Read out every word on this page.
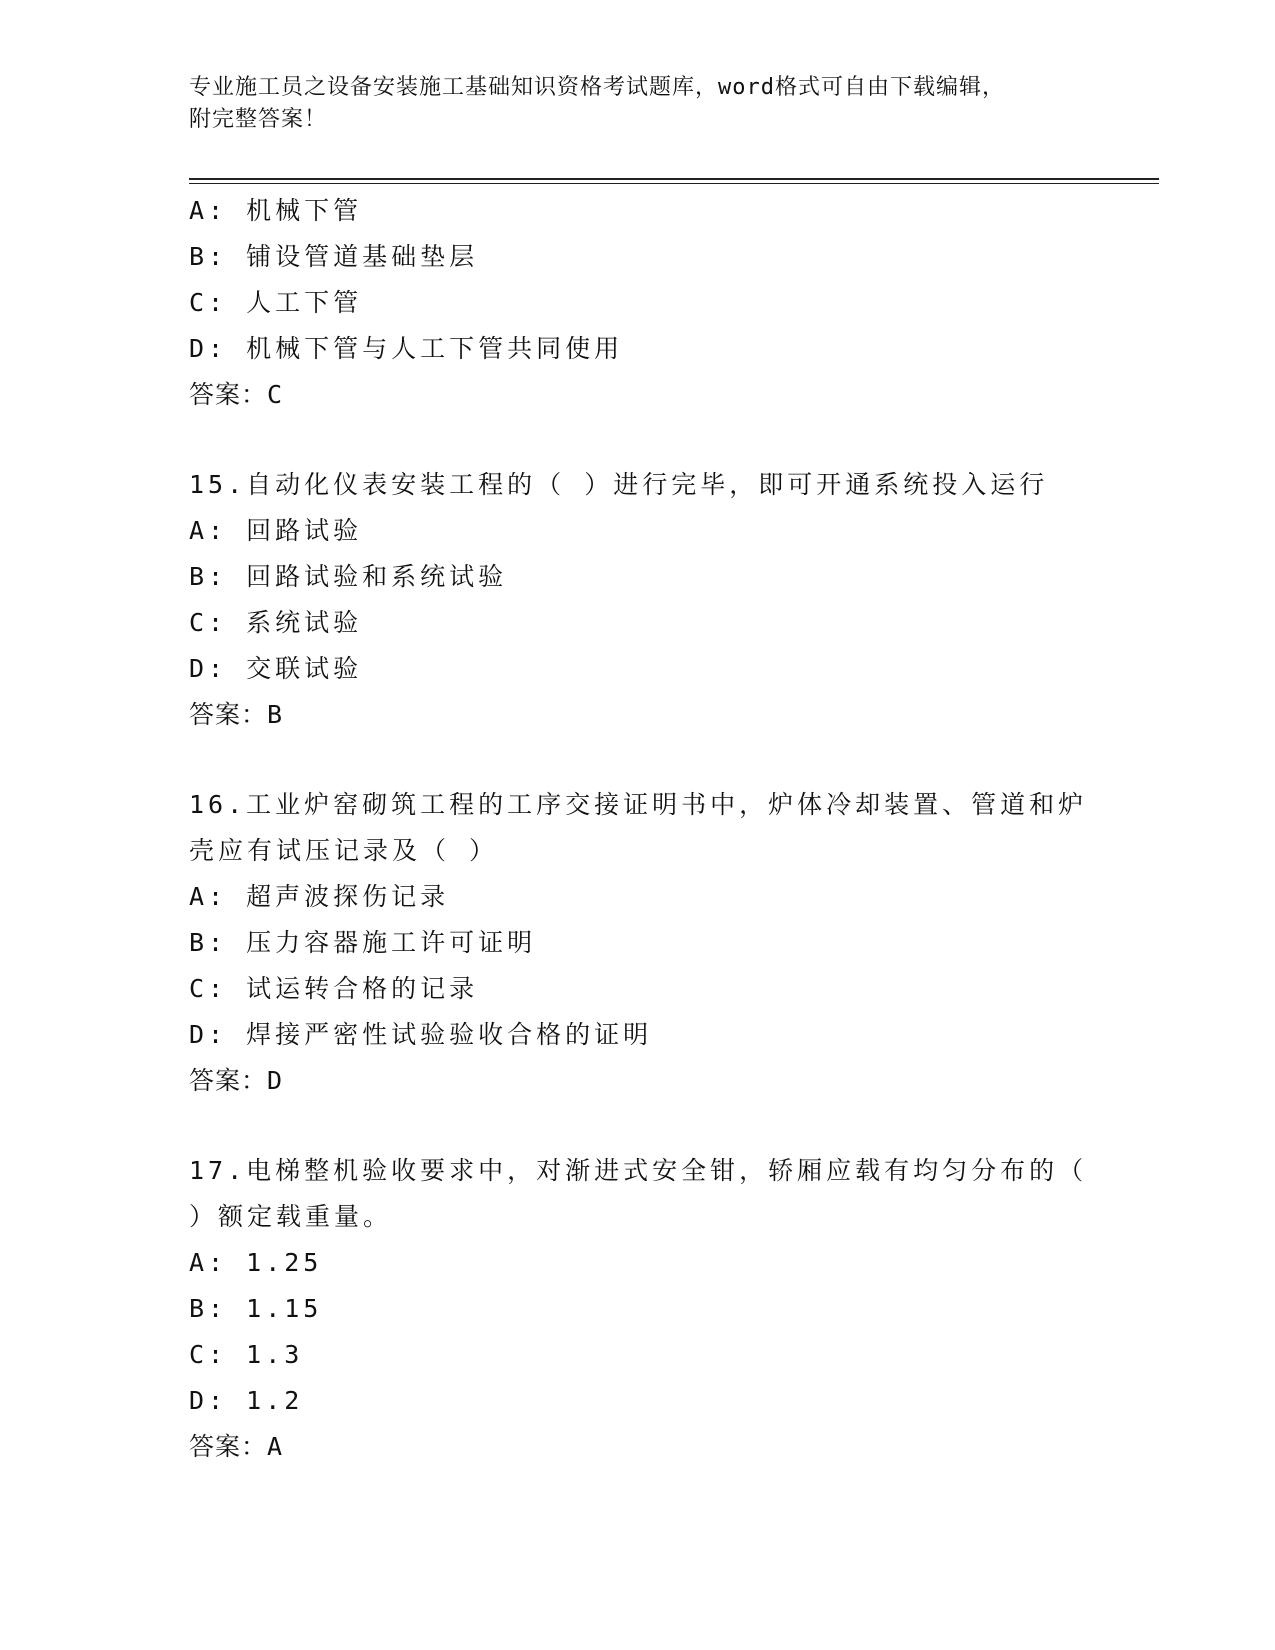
专业施工员之设备安装施工基础知识资格考试题库，word格式可自由下载编辑，
附完整答案！
A: 机械下管
B: 铺设管道基础垫层
C: 人工下管
D: 机械下管与人工下管共同使用
答案：C
15.自动化仪表安装工程的（ ）进行完毕，即可开通系统投入运行
A: 回路试验
B: 回路试验和系统试验
C: 系统试验
D: 交联试验
答案：B
16.工业炉窑砌筑工程的工序交接证明书中，炉体冷却装置、管道和炉
壳应有试压记录及（ ）
A: 超声波探伤记录
B: 压力容器施工许可证明
C: 试运转合格的记录
D: 焊接严密性试验验收合格的证明
答案：D
17.电梯整机验收要求中，对渐进式安全钳，轿厢应载有均匀分布的（
）额定载重量。
A: 1.25
B: 1.15
C: 1.3
D: 1.2
答案：A
